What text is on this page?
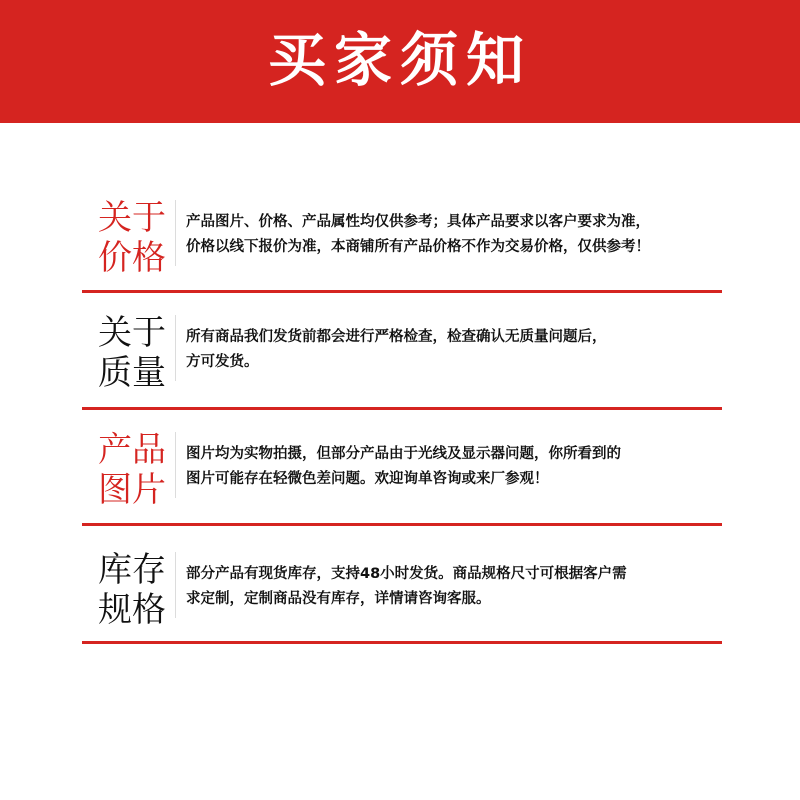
买家须知
关于
价格
产品图片、价格、产品属性均仅供参考；具体产品要求以客户要求为准，
价格以线下报价为准，本商铺所有产品价格不作为交易价格，仅供参考！
关于
质量
所有商品我们发货前都会进行严格检查，检查确认无质量问题后，
方可发货。
产品
图片
图片均为实物拍摄，但部分产品由于光线及显示器问题，你所看到的
图片可能存在轻微色差问题。欢迎询单咨询或来厂参观！
库存
规格
部分产品有现货库存，支持48小时发货。商品规格尺寸可根据客户需
求定制，定制商品没有库存，详情请咨询客服。
